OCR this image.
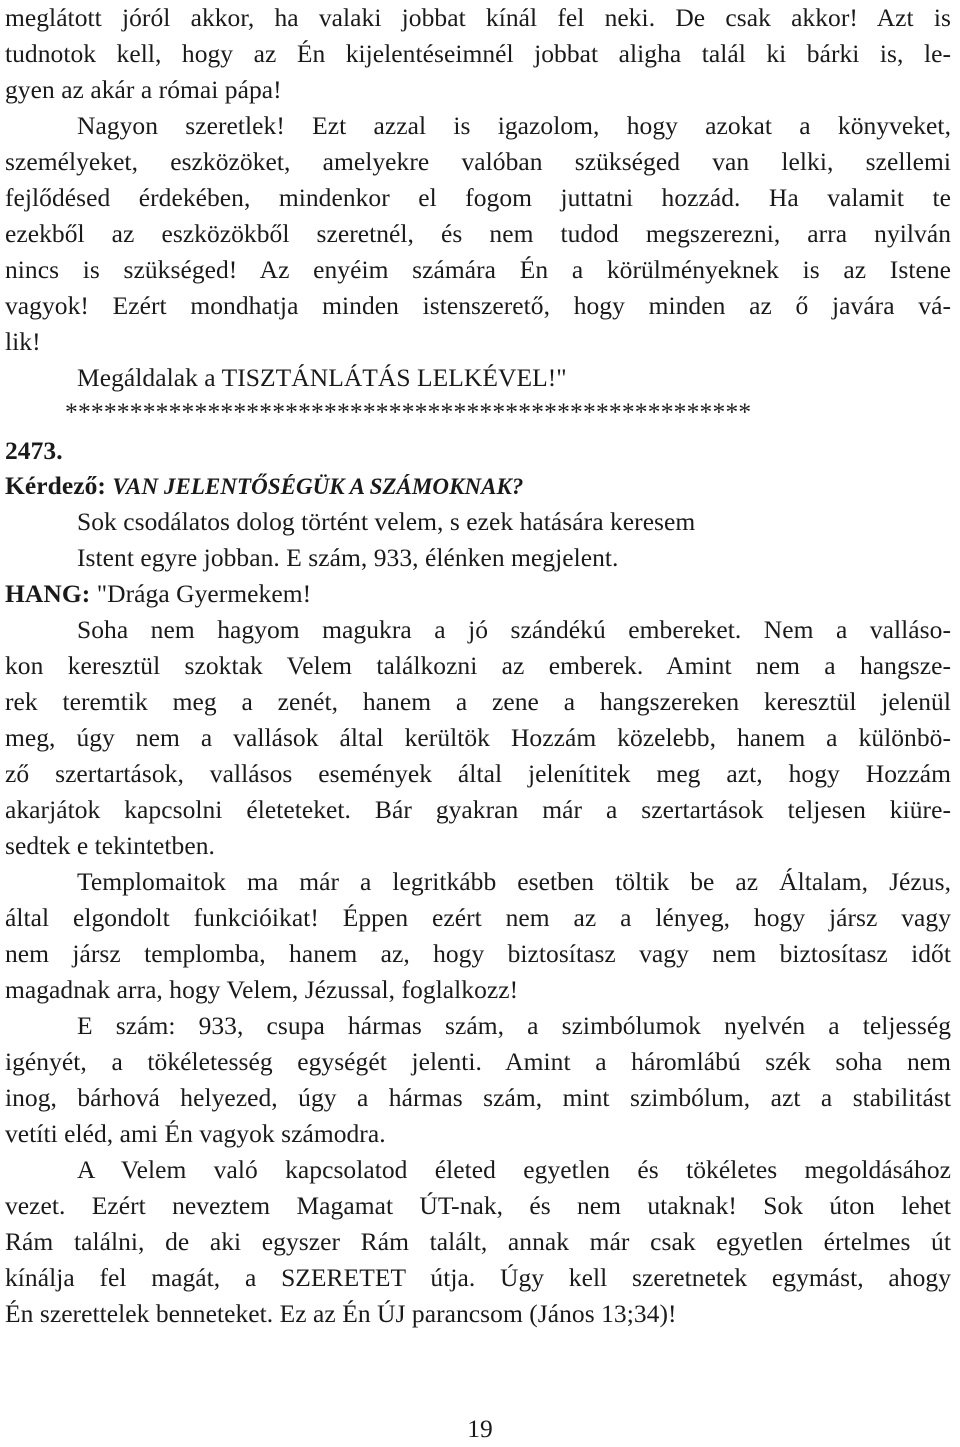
meglátott jóról akkor, ha valaki jobbat kínál fel neki. De csak akkor! Azt is
tudnotok kell, hogy az Én kijelentéseimnél jobbat aligha talál ki bárki is, le-
gyen az akár a római pápa!
Nagyon szeretlek! Ezt azzal is igazolom, hogy azokat a könyveket,
személyeket, eszközöket, amelyekre valóban szükséged van lelki, szellemi
fejlődésed érdekében, mindenkor el fogom juttatni hozzád. Ha valamit te
ezekből az eszközökből szeretnél, és nem tudod megszerezni, arra nyilván
nincs is szükséged! Az enyéim számára Én a körülményeknek is az Istene
vagyok! Ezért mondhatja minden istenszerető, hogy minden az ő javára vá-
lik!
Megáldalak a TISZTÁNLÁTÁS LELKÉVEL!"
*****************************************************
2473.
Kérdező: VAN JELENTŐSÉGÜK A SZÁMOKNAK?
Sok csodálatos dolog történt velem, s ezek hatására keresem
Istent egyre jobban. E szám, 933, élénken megjelent.
HANG: "Drága Gyermekem!
Soha nem hagyom magukra a jó szándékú embereket. Nem a valláso-
kon keresztül szoktak Velem találkozni az emberek. Amint nem a hangsze-
rek teremtik meg a zenét, hanem a zene a hangszereken keresztül jelenül
meg, úgy nem a vallások által kerültök Hozzám közelebb, hanem a különbö-
ző szertartások, vallásos események által jelenítitek meg azt, hogy Hozzám
akarjátok kapcsolni életeteket. Bár gyakran már a szertartások teljesen kiüre-
sedtek e tekintetben.
Templomaitok ma már a legritkább esetben töltik be az Általam, Jézus,
által elgondolt funkcióikat! Éppen ezért nem az a lényeg, hogy jársz vagy
nem jársz templomba, hanem az, hogy biztosítasz vagy nem biztosítasz időt
magadnak arra, hogy Velem, Jézussal, foglalkozz!
E szám: 933, csupa hármas szám, a szimbólumok nyelvén a teljesség
igényét, a tökéletesség egységét jelenti. Amint a háromlábú szék soha nem
inog, bárhová helyezed, úgy a hármas szám, mint szimbólum, azt a stabilitást
vetíti eléd, ami Én vagyok számodra.
A Velem való kapcsolatod életed egyetlen és tökéletes megoldásához
vezet. Ezért neveztem Magamat ÚT-nak, és nem utaknak! Sok úton lehet
Rám találni, de aki egyszer Rám talált, annak már csak egyetlen értelmes út
kínálja fel magát, a SZERETET útja. Úgy kell szeretnetek egymást, ahogy
Én szerettelek benneteket. Ez az Én ÚJ parancsom (János 13;34)!
19
